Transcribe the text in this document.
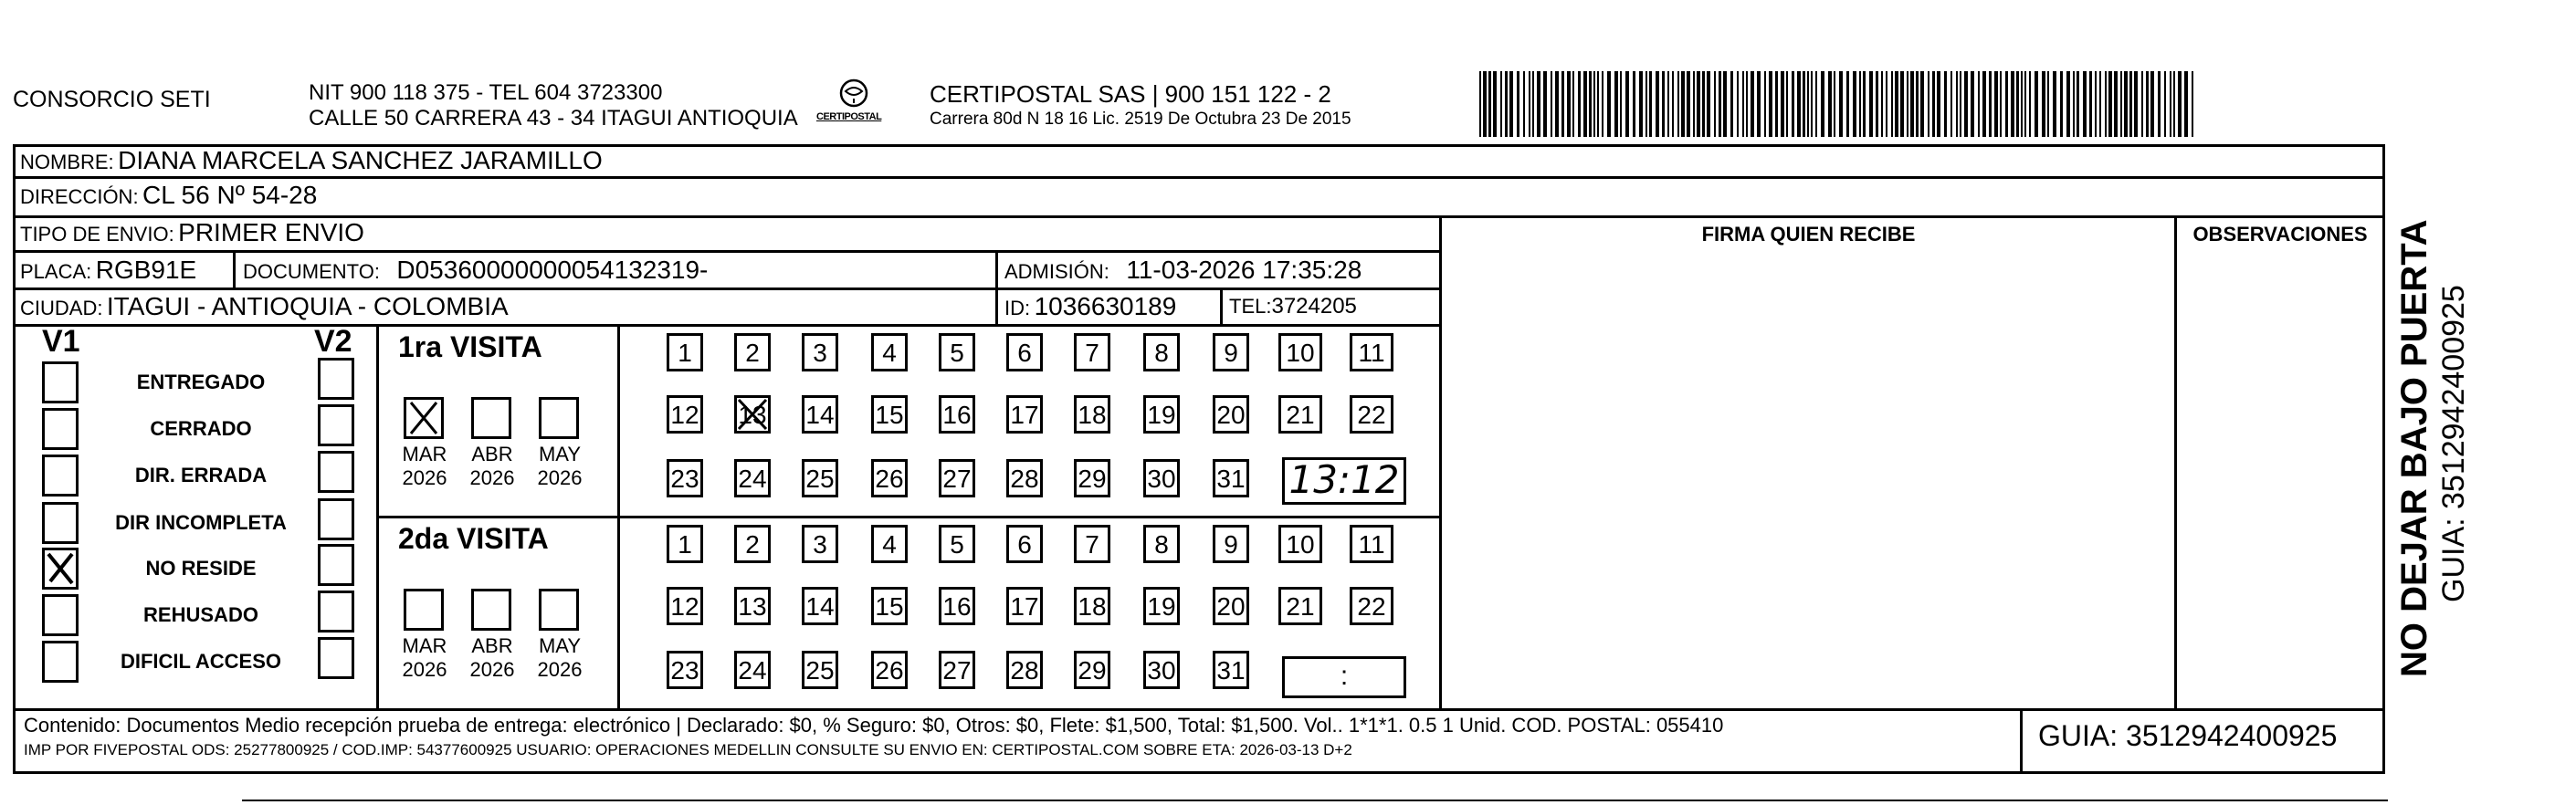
CONSORCIO SETI	NIT 900 118 375 - TEL 604 3723300
CALLE 50 CARRERA 43 - 34 ITAGUI ANTIOQUIA CERTIPOSTAL
CERTIPOSTAL SAS | 900 151 122 - 2
Carrera 80d N 18 16 Lic. 2519 De Octubra 23 De 2015
NOMBRE: DIANA MARCELA SANCHEZ JARAMILLO
DIRECCIÓN: CL 56 Nº 54-28
TIPO DE ENVIO: PRIMER ENVIO	FIRMA QUIEN RECIBE	OBSERVACIONES
PLACA: RGB91E DOCUMENTO: D05360000000054132319-	ADMISIÓN: 11-03-2026 17:35:28
CIUDAD: ITAGUI - ANTIOQUIA - COLOMBIA	ID: 1036630189	TEL:3724205
V1	V2
ENTREGADO
CERRADO
DIR. ERRADA
DIR INCOMPLETA
NO RESIDE
REHUSADO
DIFICIL ACCESO
1ra VISITA
2da VISITA
MAR
2026
ABR
2026
MAY
2026
1	2	3	4	5	6	7	8	9	10	11
12 13 14 15 16 17 18 19 20	21	22
23 24 25 26 27 28 29 30 31 13:12
MAR
2026
ABR
2026
MAY
2026
1	2	3	4	5	6	7	8	9	10	11
12 13 14 15 16 17 18 19 20	21	22
23 24 25 26 27 28 29 30 31	:
Contenido: Documentos Medio recepción prueba de entrega: electrónico | Declarado: $0, % Seguro: $0, Otros: $0, Flete: $1,500, Total: $1,500. Vol.. 1*1*1. 0.5 1 Unid. COD. POSTAL: 055410
IMP POR FIVEPOSTAL ODS: 25277800925 / COD.IMP: 54377600925 USUARIO: OPERACIONES MEDELLIN CONSULTE SU ENVIO EN: CERTIPOSTAL.COM SOBRE ETA: 2026-03-13 D+2	GUIA: 3512942400925
NO DEJAR BAJO PUERTA GUIA: 3512942400925
